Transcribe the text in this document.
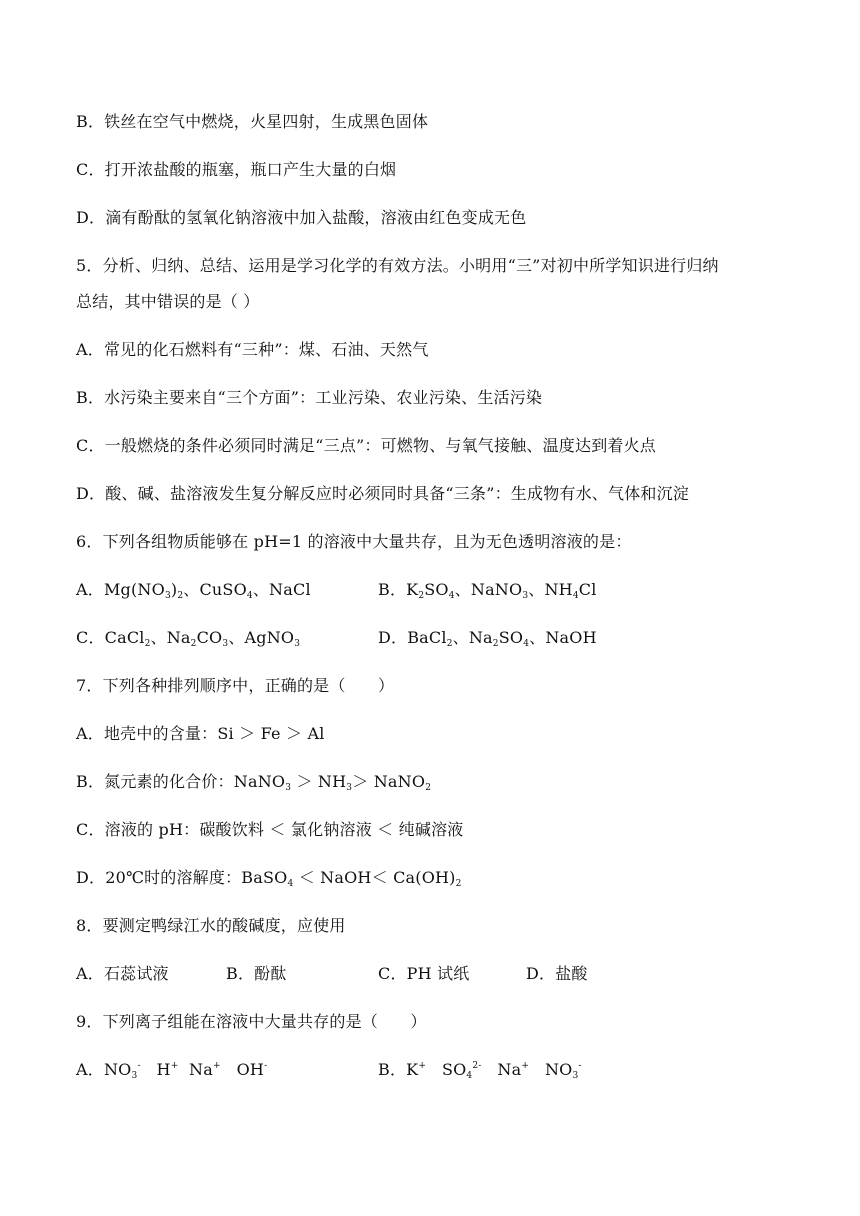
B．铁丝在空气中燃烧，火星四射，生成黑色固体
C．打开浓盐酸的瓶塞，瓶口产生大量的白烟
D．滴有酚酞的氢氧化钠溶液中加入盐酸，溶液由红色变成无色
5．分析、归纳、总结、运用是学习化学的有效方法。小明用“三”对初中所学知识进行归纳
总结，其中错误的是（ ）
A．常见的化石燃料有“三种”：煤、石油、天然气
B．水污染主要来自“三个方面”：工业污染、农业污染、生活污染
C．一般燃烧的条件必须同时满足“三点”：可燃物、与氧气接触、温度达到着火点
D．酸、碱、盐溶液发生复分解反应时必须同时具备“三条”：生成物有水、气体和沉淀
6．下列各组物质能够在 pH=1 的溶液中大量共存，且为无色透明溶液的是：
A．$Mg(NO_3)_2$、CuSO$_4$、NaCl	B．$K_2SO_4$、NaNO$_3$、$NH_4Cl$
C．CaCl$_2$、$Na_2CO_3$、AgNO$_3$	D．BaCl$_2$、$Na_2SO_4$、NaOH
7．下列各种排列顺序中，正确的是（　　）
A．地壳中的含量：Si ＞ Fe ＞ Al
B．氮元素的化合价：NaNO$_3$ ＞ $NH_3>$ NaNO$_2$
C．溶液的 pH：碳酸饮料 ＜ 氯化钠溶液 ＜ 纯碱溶液
D．20℃时的溶解度：BaSO$_4$ ＜ NaOH＜ $Ca(OH)_2$
8．要测定鸭绿江水的酸碱度，应使用
A．石蕊试液	B．酚酞	C．PH 试纸	D．盐酸
9．下列离子组能在溶液中大量共存的是（　　）
A．$NO_3^-$ H+ Na+ OH-	B．K+ $SO_4^{2-}$ Na+ $NO_3^-$
